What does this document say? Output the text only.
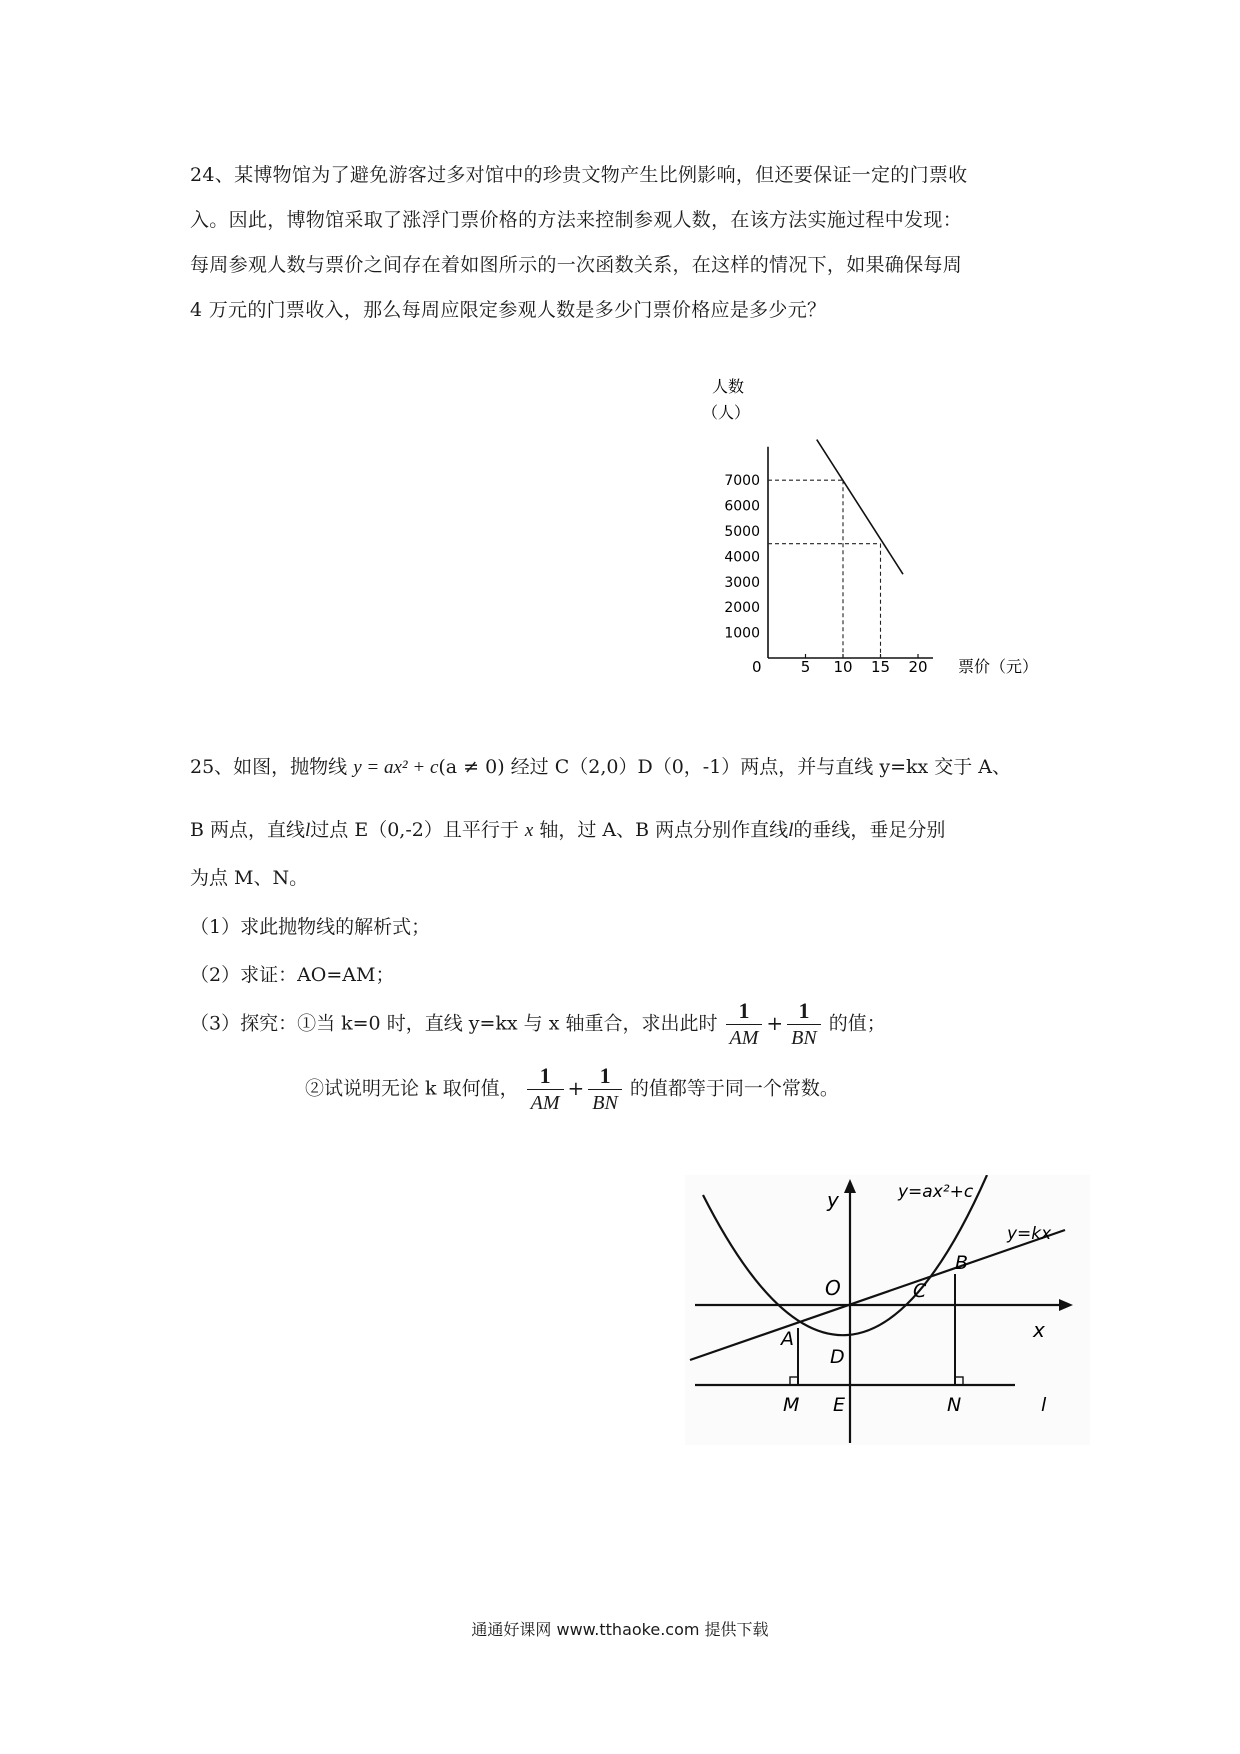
24、某博物馆为了避免游客过多对馆中的珍贵文物产生比例影响，但还要保证一定的门票收
入。因此，博物馆采取了涨浮门票价格的方法来控制参观人数，在该方法实施过程中发现：
每周参观人数与票价之间存在着如图所示的一次函数关系，在这样的情况下，如果确保每周
4 万元的门票收入，那么每周应限定参观人数是多少门票价格应是多少元？
人数
（人）
票价（元）
0
1000
2000
3000
4000
5000
6000
7000
5 10 15 20
25、如图，抛物线 y = ax² + c(a ≠ 0) 经过 C（2,0）D（0，-1）两点，并与直线 y=kx 交于 A、
B 两点，直线l过点 E（0,-2）且平行于 x 轴，过 A、B 两点分别作直线l的垂线，垂足分别
为点 M、N。
（1）求此抛物线的解析式；
（2）求证：AO=AM；
（3）探究：①当 k=0 时，直线 y=kx 与 x 轴重合，求出此时 $\frac{1}{AM} + \frac{1}{BN}$ 的值；
②试说明无论 k 取何值， $\frac{1}{AM} + \frac{1}{BN}$ 的值都等于同一个常数。
y
x
O	C
B
A
D
M E	N	l
y=ax²+c
y=kx
通通好课网 www.tthaoke.com 提供下载
